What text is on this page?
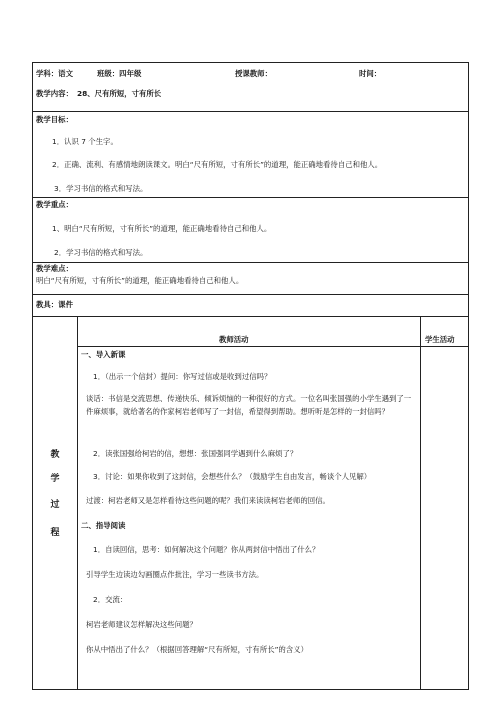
学科：语文	班级：四年级	授课教师：	时间：
教学内容： 28、尺有所短，寸有所长
教学目标：
1．认识 7 个生字。
2．正确、流利、有感情地朗读课文。明白“尺有所短，寸有所长”的道理，能正确地看待自己和他人。
3．学习书信的格式和写法。
教学重点：
1、明白“尺有所短，寸有所长”的道理，能正确地看待自己和他人。
2．学习书信的格式和写法。
教学难点：
明白“尺有所短，寸有所长”的道理，能正确地看待自己和他人。
教具：课件
教
学
过
程
教师活动	学生活动
一、导入新课
1．（出示一个信封）提问：你写过信或是收到过信吗？
谈话：书信是交流思想、传递快乐、倾诉烦恼的一种很好的方式。一位名叫张国强的小学生遇到了一件麻烦事，就给著名的作家柯岩老师写了一封信，希望得到帮助。想听听是怎样的一封信吗？
2．读张国强给柯岩的信，想想：张国强同学遇到什么麻烦了？
3．讨论：如果你收到了这封信，会想些什么？（鼓励学生自由发言，畅谈个人见解）
过渡：柯岩老师又是怎样看待这些问题的呢？我们来读读柯岩老师的回信。
二、指导阅读
1．自读回信，思考：如何解决这个问题？你从两封信中悟出了什么？
引导学生边读边勾画圈点作批注，学习一些读书方法。
2．交流：
柯岩老师建议怎样解决这些问题？
你从中悟出了什么？（根据回答理解“尺有所短，寸有所长”的含义）
